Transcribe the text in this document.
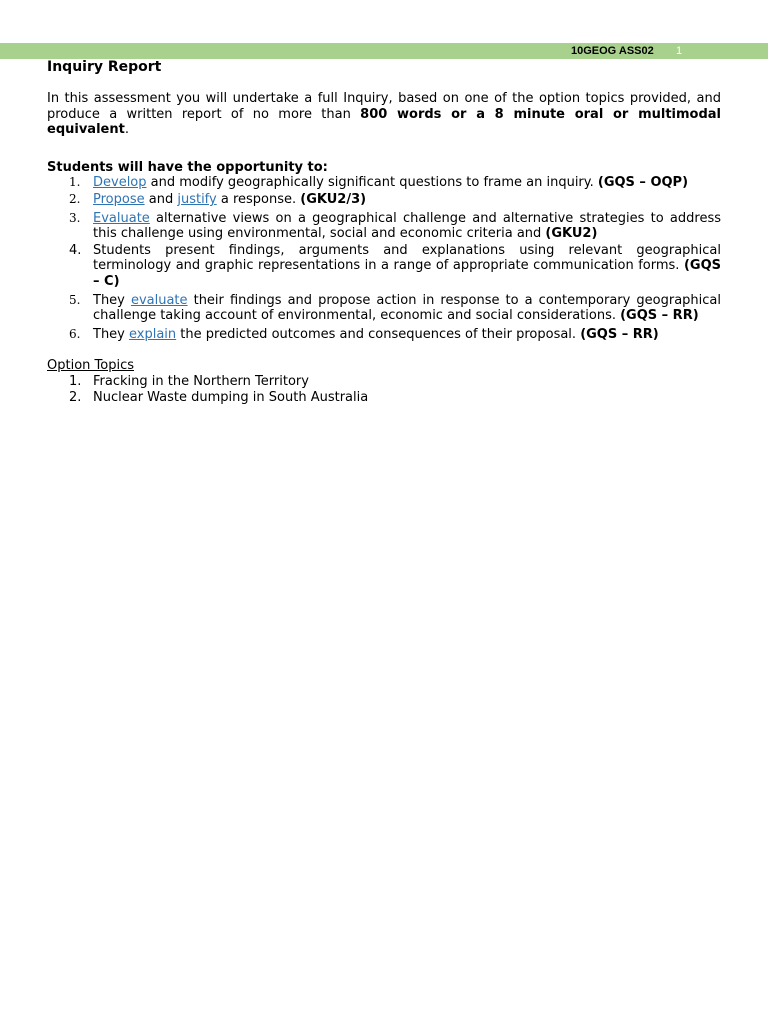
10GEOG ASS02 1

Inquiry Report

In this assessment you will undertake a full Inquiry, based on one of the option topics provided, and produce a written report of no more than 800 words or a 8 minute oral or multimodal equivalent.

Students will have the opportunity to:

1. Develop and modify geographically significant questions to frame an inquiry. (GQS – OQP)
2. Propose and justify a response. (GKU2/3)
3. Evaluate alternative views on a geographical challenge and alternative strategies to address this challenge using environmental, social and economic criteria and (GKU2)
4. Students present findings, arguments and explanations using relevant geographical terminology and graphic representations in a range of appropriate communication forms. (GQS – C)
5. They evaluate their findings and propose action in response to a contemporary geographical challenge taking account of environmental, economic and social considerations. (GQS – RR)
6. They explain the predicted outcomes and consequences of their proposal. (GQS – RR)

Option Topics

1. Fracking in the Northern Territory
2. Nuclear Waste dumping in South Australia
